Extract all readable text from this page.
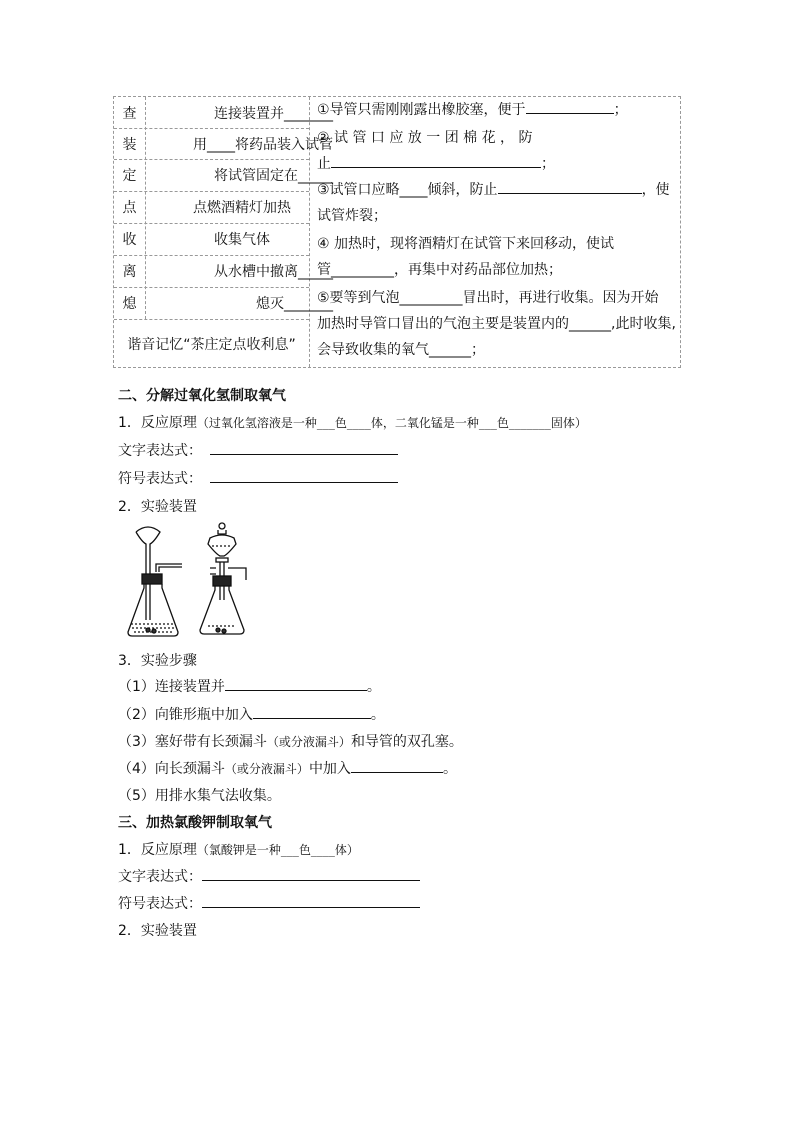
查	连接装置并_______
装	用____将药品装入试管
定	将试管固定在_____
点	点燃酒精灯加热
收	收集气体
离	从水槽中撤离_____
熄	熄灭_______
谐音记忆“茶庄定点收利息”
①导管只需刚刚露出橡胶塞，便于	；
② 试 管 口 应 放 一 团 棉 花 ， 防
止	；
③试管口应略____倾斜，防止	，使
试管炸裂；
④ 加热时，现将酒精灯在试管下来回移动，使试
管_________，再集中对药品部位加热；
⑤要等到气泡_________冒出时，再进行收集。因为开始
加热时导管口冒出的气泡主要是装置内的______,此时收集,
会导致收集的氧气______；
二、分解过氧化氢制取氧气
1．反应原理（过氧化氢溶液是一种___色____体，二氧化锰是一种___色_______固体）
文字表达式：
符号表达式：
2．实验装置
3．实验步骤
（1）连接装置并	。
（2）向锥形瓶中加入	。
（3）塞好带有长颈漏斗（或分液漏斗）和导管的双孔塞。
（4）向长颈漏斗（或分液漏斗）中加入	。
（5）用排水集气法收集。
三、加热氯酸钾制取氧气
1．反应原理（氯酸钾是一种___色____体）
文字表达式：
符号表达式：
2．实验装置
